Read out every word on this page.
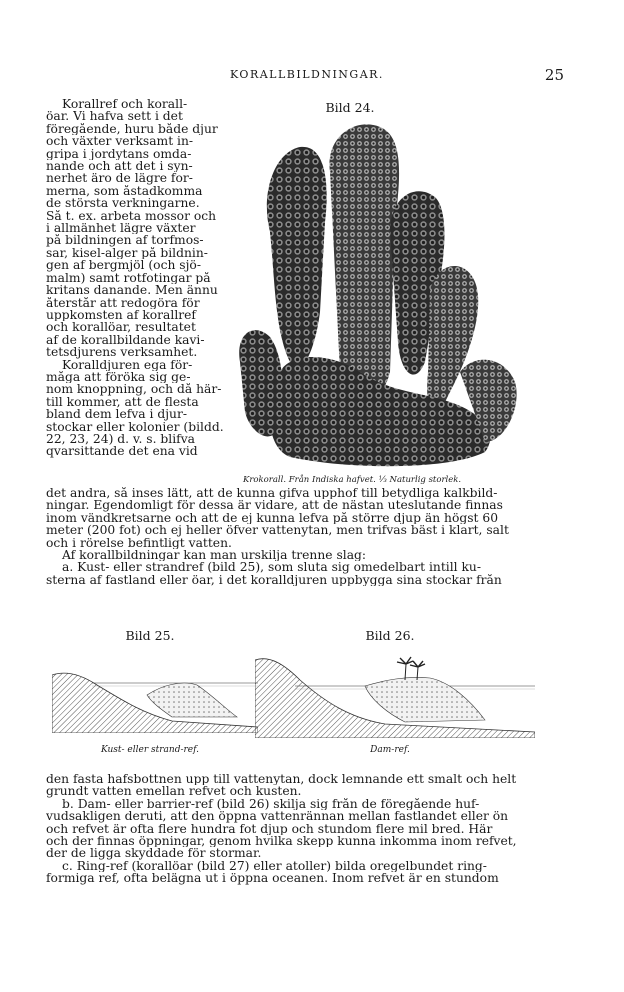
KORALLBILDNINGAR.	25
Korallref och korall-
öar. Vi hafva sett i det
föregående, huru både djur
och växter verksamt in-
gripa i jordytans omda-
nande och att det i syn-
nerhet äro de lägre for-
merna, som åstadkomma
de största verkningarne.
Så t. ex. arbeta mossor och
i allmänhet lägre växter
på bildningen af torfmos-
sar, kisel-alger på bildnin-
gen af bergmjöl (och sjö-
malm) samt rotfotingar på
kritans danande. Men ännu
återstår att redogöra för
uppkomsten af korallref
och korallöar, resultatet
af de korallbildande kavi-
tetsdjurens verksamhet.
Koralldjuren ega för-
måga att föröka sig ge-
nom knoppning, och då här-
till kommer, att de flesta
bland dem lefva i djur-
stockar eller kolonier (bildd.
22, 23, 24) d. v. s. blifva
qvarsittande det ena vid
Bild 24.
Krokorall. Från Indiska hafvet. ⅓ Naturlig storlek.
det andra, så inses lätt, att de kunna gifva upphof till betydliga kalkbild-
ningar. Egendomligt för dessa är vidare, att de nästan uteslutande finnas
inom vändkretsarne och att de ej kunna lefva på större djup än högst 60
meter (200 fot) och ej heller öfver vattenytan, men trifvas bäst i klart, salt
och i rörelse befintligt vatten.
Af korallbildningar kan man urskilja trenne slag:
a. Kust- eller strandref (bild 25), som sluta sig omedelbart intill ku-
sterna af fastland eller öar, i det koralldjuren uppbygga sina stockar från
Bild 25.	Bild 26.
Kust- eller strand-ref.	Dam-ref.
den fasta hafsbottnen upp till vattenytan, dock lemnande ett smalt och helt
grundt vatten emellan refvet och kusten.
b. Dam- eller barrier-ref (bild 26) skilja sig från de föregående huf-
vudsakligen deruti, att den öppna vattenrännan mellan fastlandet eller ön
och refvet är ofta flere hundra fot djup och stundom flere mil bred. Här
och der finnas öppningar, genom hvilka skepp kunna inkomma inom refvet,
der de ligga skyddade för stormar.
c. Ring-ref (korallöar (bild 27) eller atoller) bilda oregelbundet ring-
formiga ref, ofta belägna ut i öppna oceanen. Inom refvet är en stundom
